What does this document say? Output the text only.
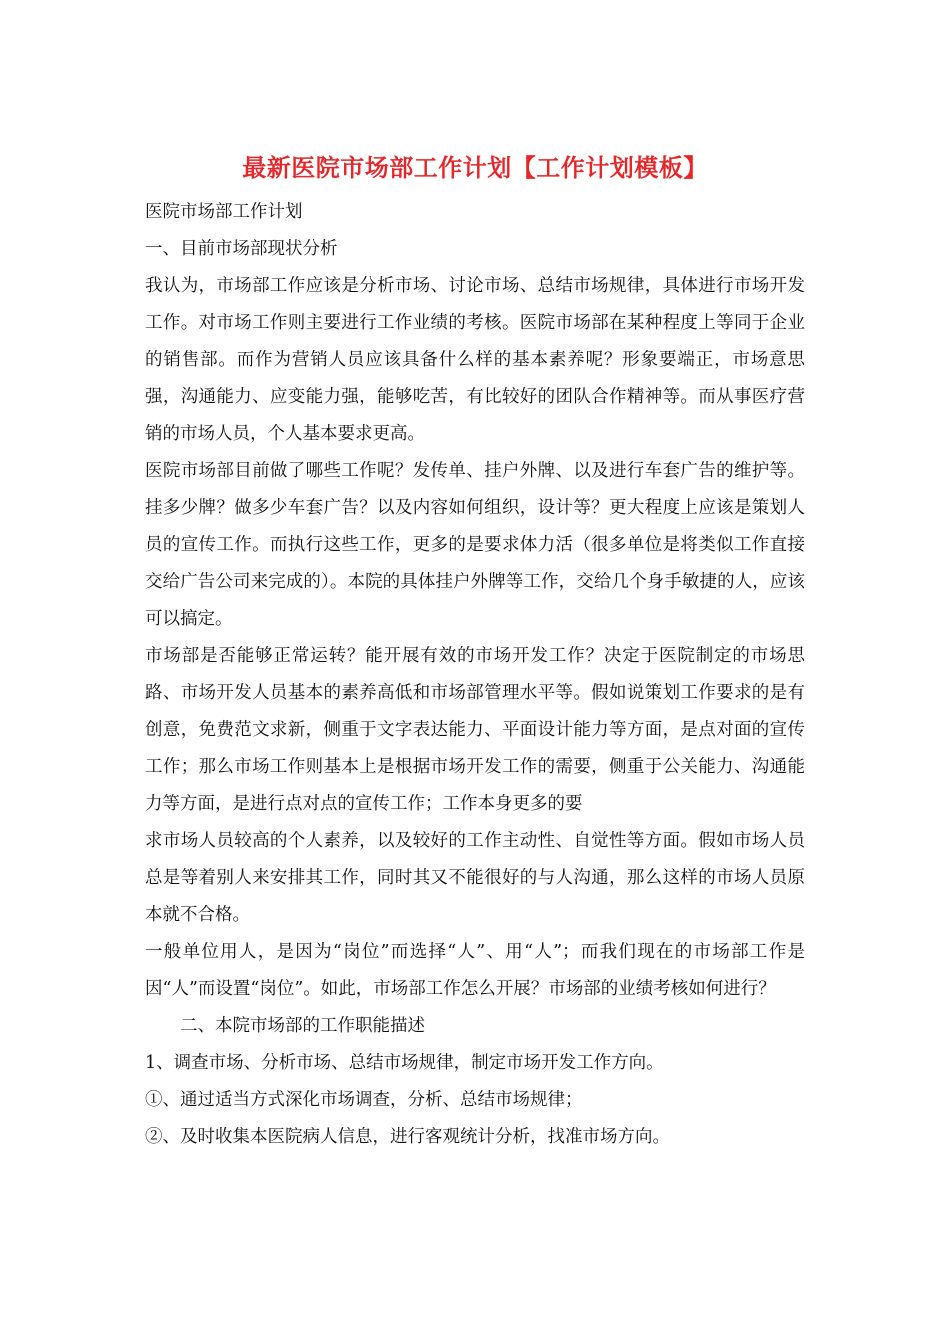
最新医院市场部工作计划【工作计划模板】

医院市场部工作计划

一、目前市场部现状分析

我认为，市场部工作应该是分析市场、讨论市场、总结市场规律，具体进行市场开发工作。对市场工作则主要进行工作业绩的考核。医院市场部在某种程度上等同于企业的销售部。而作为营销人员应该具备什么样的基本素养呢？形象要端正，市场意思强，沟通能力、应变能力强，能够吃苦，有比较好的团队合作精神等。而从事医疗营销的市场人员，个人基本要求更高。

医院市场部目前做了哪些工作呢？发传单、挂户外牌、以及进行车套广告的维护等。挂多少牌？做多少车套广告？以及内容如何组织，设计等？更大程度上应该是策划人员的宣传工作。而执行这些工作，更多的是要求体力活（很多单位是将类似工作直接交给广告公司来完成的）。本院的具体挂户外牌等工作，交给几个身手敏捷的人，应该可以搞定。

市场部是否能够正常运转？能开展有效的市场开发工作？决定于医院制定的市场思路、市场开发人员基本的素养高低和市场部管理水平等。假如说策划工作要求的是有创意，免费范文求新，侧重于文字表达能力、平面设计能力等方面，是点对面的宣传工作；那么市场工作则基本上是根据市场开发工作的需要，侧重于公关能力、沟通能力等方面，是进行点对点的宣传工作；工作本身更多的要

求市场人员较高的个人素养，以及较好的工作主动性、自觉性等方面。假如市场人员总是等着别人来安排其工作，同时其又不能很好的与人沟通，那么这样的市场人员原本就不合格。

一般单位用人，是因为“岗位”而选择“人”、用“人”；而我们现在的市场部工作是因“人”而设置“岗位”。如此，市场部工作怎么开展？市场部的业绩考核如何进行？

二、本院市场部的工作职能描述

1、调查市场、分析市场、总结市场规律，制定市场开发工作方向。

①、通过适当方式深化市场调查，分析、总结市场规律；

②、及时收集本医院病人信息，进行客观统计分析，找准市场方向。
